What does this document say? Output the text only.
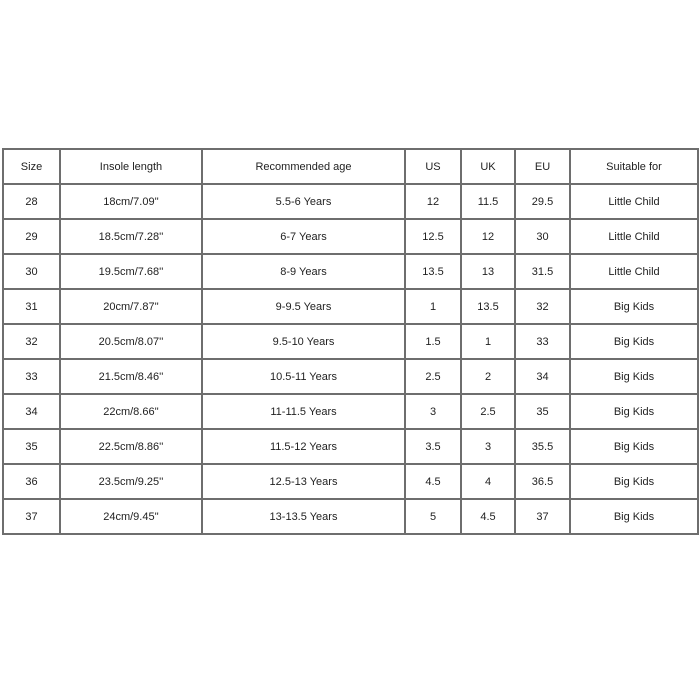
Size	Insole length	Recommended age	US	UK	EU	Suitable for
28	18cm/7.09''	5.5-6 Years	12	11.5	29.5	Little Child
29	18.5cm/7.28''	6-7 Years	12.5	12	30	Little Child
30	19.5cm/7.68''	8-9 Years	13.5	13	31.5	Little Child
31	20cm/7.87''	9-9.5 Years	1	13.5	32	Big Kids
32	20.5cm/8.07''	9.5-10 Years	1.5	1	33	Big Kids
33	21.5cm/8.46''	10.5-11 Years	2.5	2	34	Big Kids
34	22cm/8.66''	11-11.5 Years	3	2.5	35	Big Kids
35	22.5cm/8.86''	11.5-12 Years	3.5	3	35.5	Big Kids
36	23.5cm/9.25''	12.5-13 Years	4.5	4	36.5	Big Kids
37	24cm/9.45''	13-13.5 Years	5	4.5	37	Big Kids
